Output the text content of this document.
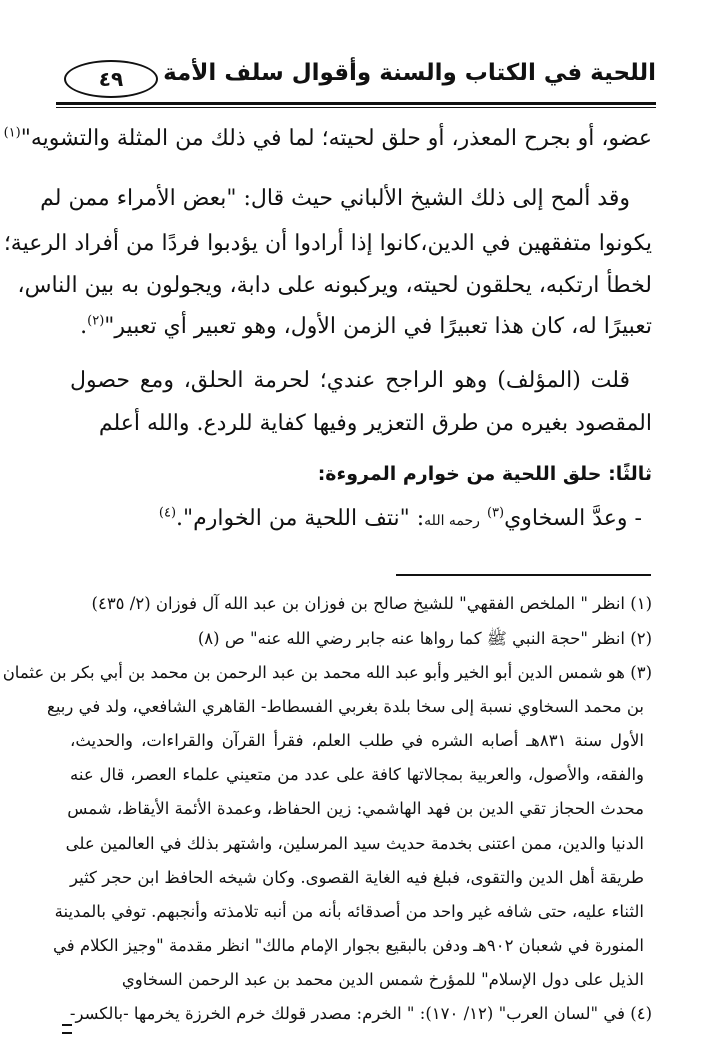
اللحية في الكتاب والسنة وأقوال سلف الأمة
٤٩
عضو، أو بجرح المعذر، أو حلق لحيته؛ لما في ذلك من المثلة والتشويه"$^{(١)}$
وقد ألمح إلى ذلك الشيخ الألباني حيث قال: "بعض الأمراء ممن لم
يكونوا متفقهين في الدين،كانوا إذا أرادوا أن يؤدبوا فردًا من أفراد الرعية؛
لخطأ ارتكبه، يحلقون لحيته، ويركبونه على دابة، ويجولون به بين الناس،
تعبيرًا له، كان هذا تعبيرًا في الزمن الأول، وهو تعبير أي تعبير"$^{(٢)}$.
قلت (المؤلف) وهو الراجح عندي؛ لحرمة الحلق، ومع حصول
المقصود بغيره من طرق التعزير وفيها كفاية للردع. والله أعلم
ثالثًا: حلق اللحية من خوارم المروءة:
- وعدَّ السخاوي$^{(٣)}$ رحمه الله: "نتف اللحية من الخوارم".$^{(٤)}$
(١) انظر " الملخص الفقهي" للشيخ صالح بن فوزان بن عبد الله آل فوزان (٢/ ٤٣٥)
(٢) انظر "حجة النبي ﷺ كما رواها عنه جابر رضي الله عنه" ص (٨)
(٣) هو شمس الدين أبو الخير وأبو عبد الله محمد بن عبد الرحمن بن محمد بن أبي بكر بن عثمان
بن محمد السخاوي نسبة إلى سخا بلدة بغربي الفسطاط- القاهري الشافعي، ولد في ربيع
الأول سنة ٨٣١هـ أصابه الشره في طلب العلم، فقرأ القرآن والقراءات، والحديث،
والفقه، والأصول، والعربية بمجالاتها كافة على عدد من متعيني علماء العصر، قال عنه
محدث الحجاز تقي الدين بن فهد الهاشمي: زين الحفاظ، وعمدة الأئمة الأيقاظ، شمس
الدنيا والدين، ممن اعتنى بخدمة حديث سيد المرسلين، واشتهر بذلك في العالمين على
طريقة أهل الدين والتقوى، فبلغ فيه الغاية القصوى. وكان شيخه الحافظ ابن حجر كثير
الثناء عليه، حتى شافه غير واحد من أصدقائه بأنه من أنبه تلامذته وأنجبهم. توفي بالمدينة
المنورة في شعبان ٩٠٢هـ ودفن بالبقيع بجوار الإمام مالك" انظر مقدمة "وجيز الكلام في
الذيل على دول الإسلام" للمؤرخ شمس الدين محمد بن عبد الرحمن السخاوي
(٤) في "لسان العرب" (١٢/ ١٧٠): " الخرم: مصدر قولك خرم الخرزة يخرمها -بالكسر-
